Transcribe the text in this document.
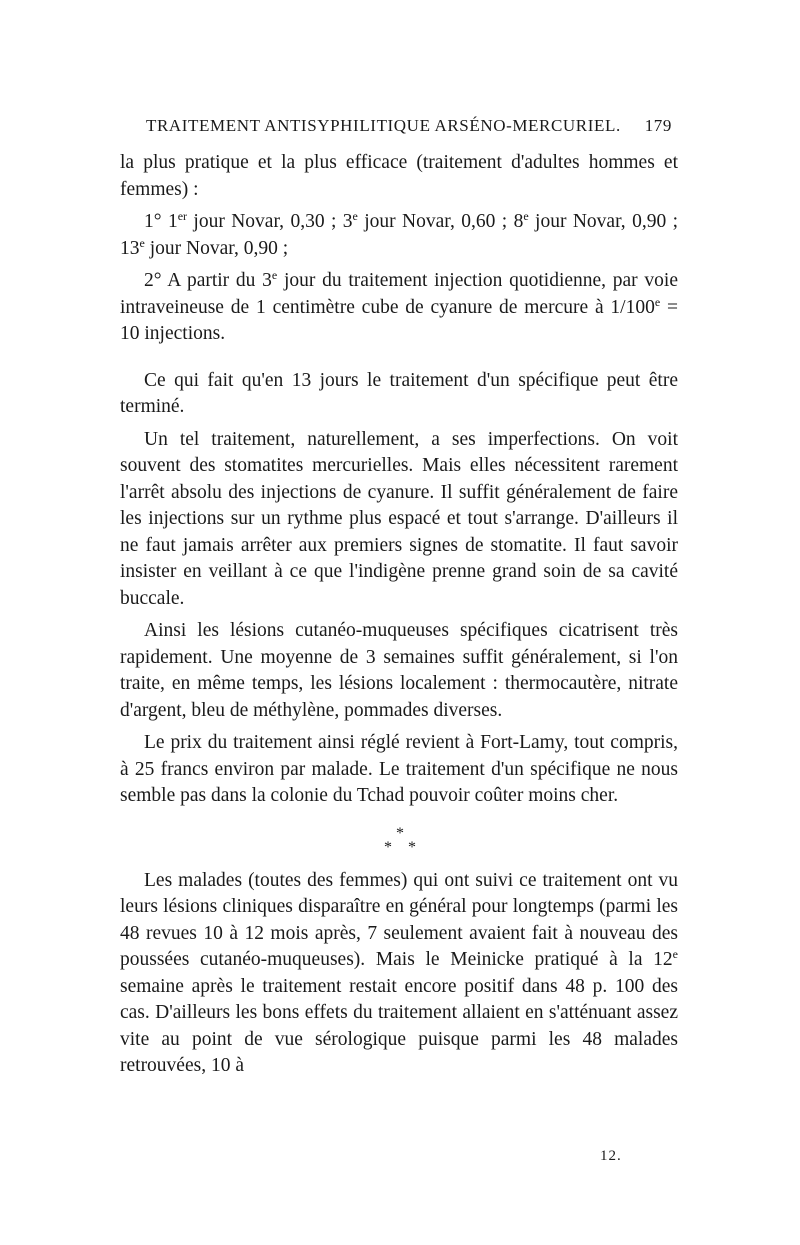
TRAITEMENT ANTISYPHILITIQUE ARSÉNO-MERCURIEL. 179

la plus pratique et la plus efficace (traitement d'adultes hommes et femmes) :

1° 1er jour Novar, 0,30 ; 3e jour Novar, 0,60 ; 8e jour Novar, 0,90 ; 13e jour Novar, 0,90 ;

2° A partir du 3e jour du traitement injection quotidienne, par voie intraveineuse de 1 centimètre cube de cyanure de mercure à $1/100^e = 10$ injections.

Ce qui fait qu'en 13 jours le traitement d'un spécifique peut être terminé.

Un tel traitement, naturellement, a ses imperfections. On voit souvent des stomatites mercurielles. Mais elles nécessitent rarement l'arrêt absolu des injections de cyanure. Il suffit généralement de faire les injections sur un rythme plus espacé et tout s'arrange. D'ailleurs il ne faut jamais arrêter aux premiers signes de stomatite. Il faut savoir insister en veillant à ce que l'indigène prenne grand soin de sa cavité buccale.

Ainsi les lésions cutanéo-muqueuses spécifiques cicatrisent très rapidement. Une moyenne de 3 semaines suffit généralement, si l'on traite, en même temps, les lésions localement : thermocautère, nitrate d'argent, bleu de méthylène, pommades diverses.

Le prix du traitement ainsi réglé revient à Fort-Lamy, tout compris, à 25 francs environ par malade. Le traitement d'un spécifique ne nous semble pas dans la colonie du Tchad pouvoir coûter moins cher.

*
* *

Les malades (toutes des femmes) qui ont suivi ce traitement ont vu leurs lésions cliniques disparaître en général pour longtemps (parmi les 48 revues 10 à 12 mois après, 7 seulement avaient fait à nouveau des poussées cutanéo-muqueuses). Mais le Meinicke pratiqué à la 12e semaine après le traitement restait encore positif dans 48 p. 100 des cas. D'ailleurs les bons effets du traitement allaient en s'atténuant assez vite au point de vue sérologique puisque parmi les 48 malades retrouvées, 10 à

12.
